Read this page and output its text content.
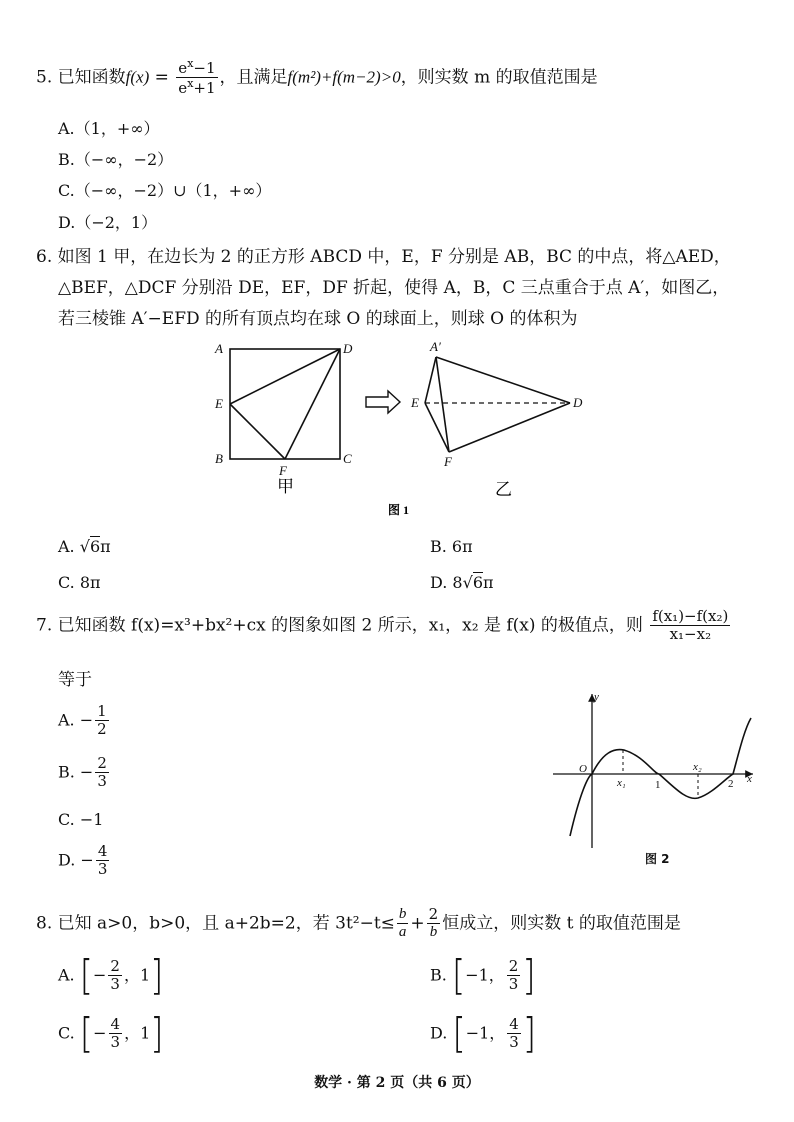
5. 已知函数$f(x) = \frac{e^x-1}{e^x+1}$ ，且满足f(m²)+f(m−2)>0，则实数 m 的取值范围是
A.（1，+∞）
B.（−∞，−2）
C.（−∞，−2）∪（1，+∞）
D.（−2，1）
6. 如图 1 甲，在边长为 2 的正方形 ABCD 中，E，F 分别是 AB，BC 的中点，将△AED，
△BEF，△DCF 分别沿 DE，EF，DF 折起，使得 A，B，C 三点重合于点 A′，如图乙，
若三棱锥 A′−EFD 的所有顶点均在球 O 的球面上，则球 O 的体积为
A	D
E
B
F
C
A′
E	D
F
甲	乙
图 1
A. √6π	B. 6π
C. 8π	D. 8√6π
7. 已知函数 f(x)=x³+bx²+cx 的图象如图 2 所示，x₁，x₂ 是 f(x) 的极值点，则 $\frac{\text{f(x₁)−f(x₂)}}{\text{x₁−x₂}}$
等于
A. − $\frac{1}{2}$
B. − $\frac{2}{3}$
C. −1
D. − $\frac{4}{3}$
y
O
x₁	1
x₂
2 x
图 2
8. 已知 a>0，b>0，且 a+2b=2，若 $3t^2-t\le \frac{b}{a} + \frac{2}{b}$ 恒成立，则实数 t 的取值范围是
A. [− $\frac{2}{3}$ ，1]	B. [−1， $\frac{2}{3}$ ]
C. [− $\frac{4}{3}$ ，1]	D. [−1， $\frac{4}{3}$ ]
数学 · 第 2 页（共 6 页）
